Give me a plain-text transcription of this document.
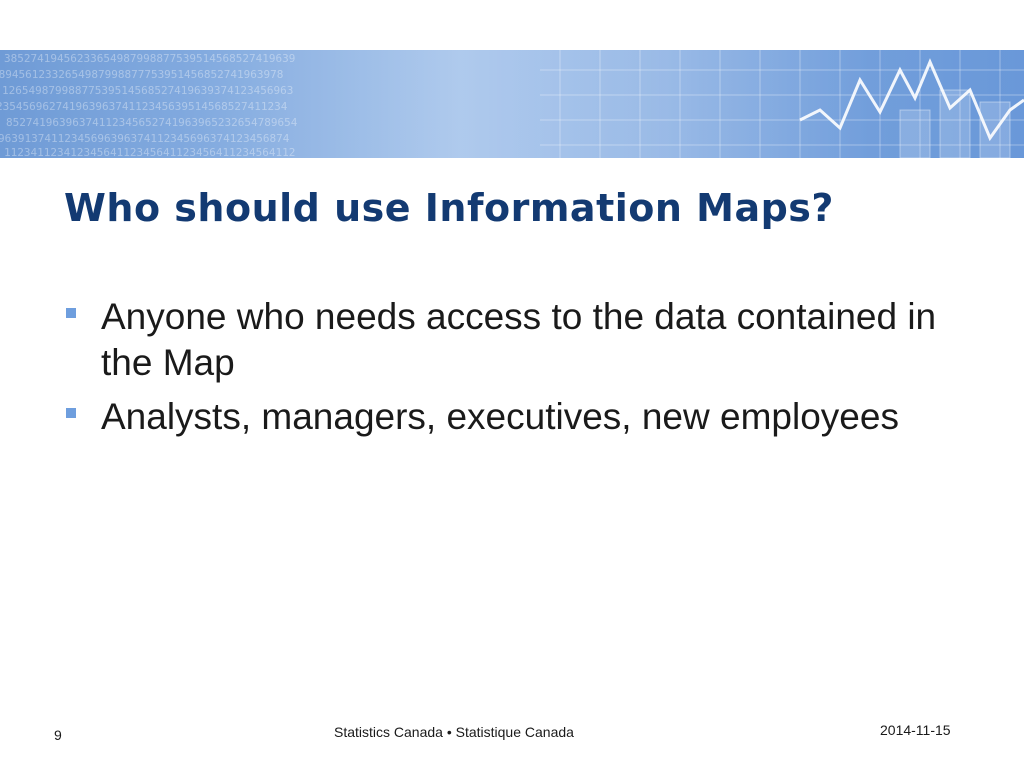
Who should use Information Maps?
Anyone who needs access to the data contained in the Map
Analysts, managers, executives, new employees
9	Statistics Canada • Statistique Canada	2014-11-15
